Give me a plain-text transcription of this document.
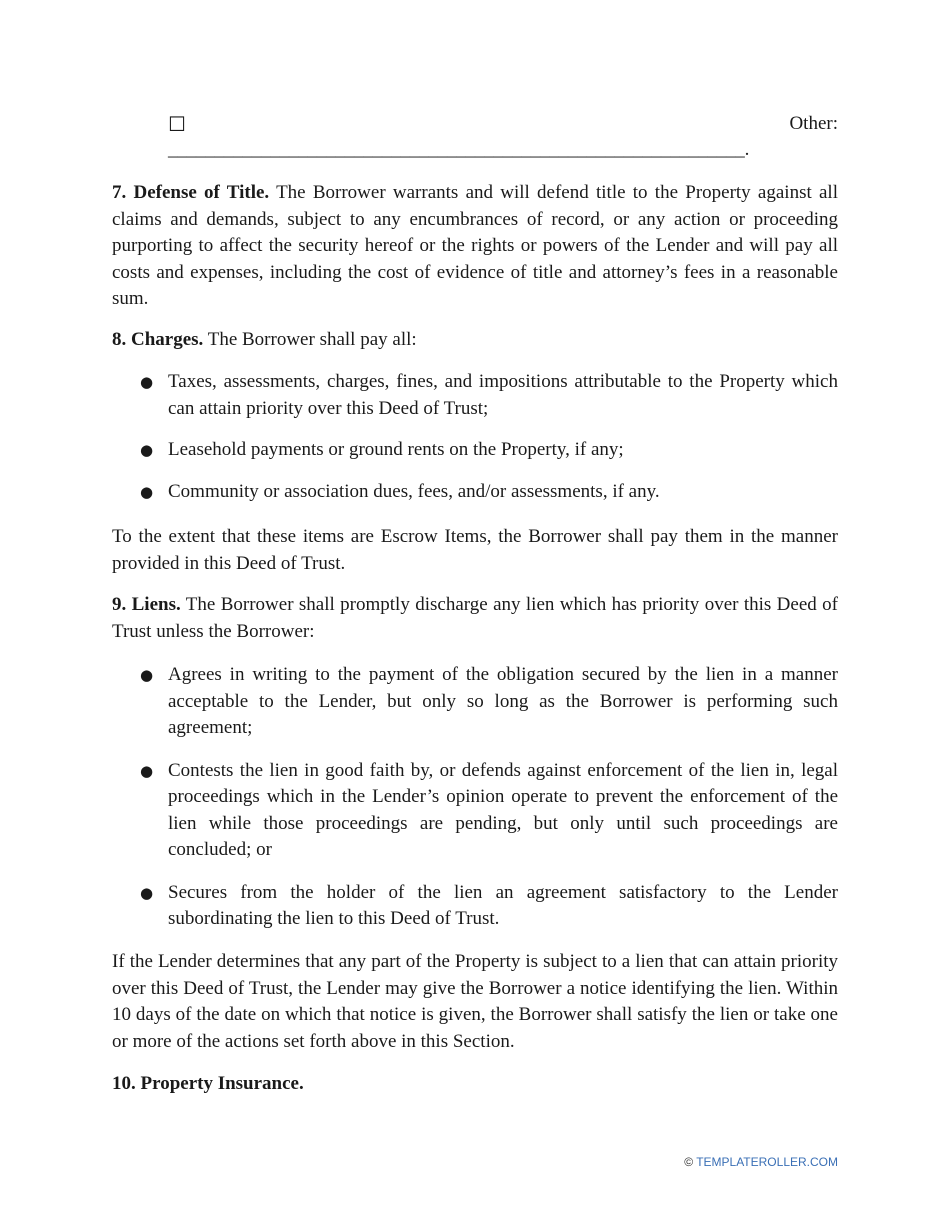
☐	Other:
______________________________________________________________.

7. Defense of Title. The Borrower warrants and will defend title to the Property against all claims and demands, subject to any encumbrances of record, or any action or proceeding purporting to affect the security hereof or the rights or powers of the Lender and will pay all costs and expenses, including the cost of evidence of title and attorney’s fees in a reasonable sum.

8. Charges. The Borrower shall pay all:

● Taxes, assessments, charges, fines, and impositions attributable to the Property which can attain priority over this Deed of Trust;
● Leasehold payments or ground rents on the Property, if any;
● Community or association dues, fees, and/or assessments, if any.

To the extent that these items are Escrow Items, the Borrower shall pay them in the manner provided in this Deed of Trust.

9. Liens. The Borrower shall promptly discharge any lien which has priority over this Deed of Trust unless the Borrower:

● Agrees in writing to the payment of the obligation secured by the lien in a manner acceptable to the Lender, but only so long as the Borrower is performing such agreement;
● Contests the lien in good faith by, or defends against enforcement of the lien in, legal proceedings which in the Lender’s opinion operate to prevent the enforcement of the lien while those proceedings are pending, but only until such proceedings are concluded; or
● Secures from the holder of the lien an agreement satisfactory to the Lender subordinating the lien to this Deed of Trust.

If the Lender determines that any part of the Property is subject to a lien that can attain priority over this Deed of Trust, the Lender may give the Borrower a notice identifying the lien. Within 10 days of the date on which that notice is given, the Borrower shall satisfy the lien or take one or more of the actions set forth above in this Section.

10. Property Insurance.

© TEMPLATEROLLER.COM
